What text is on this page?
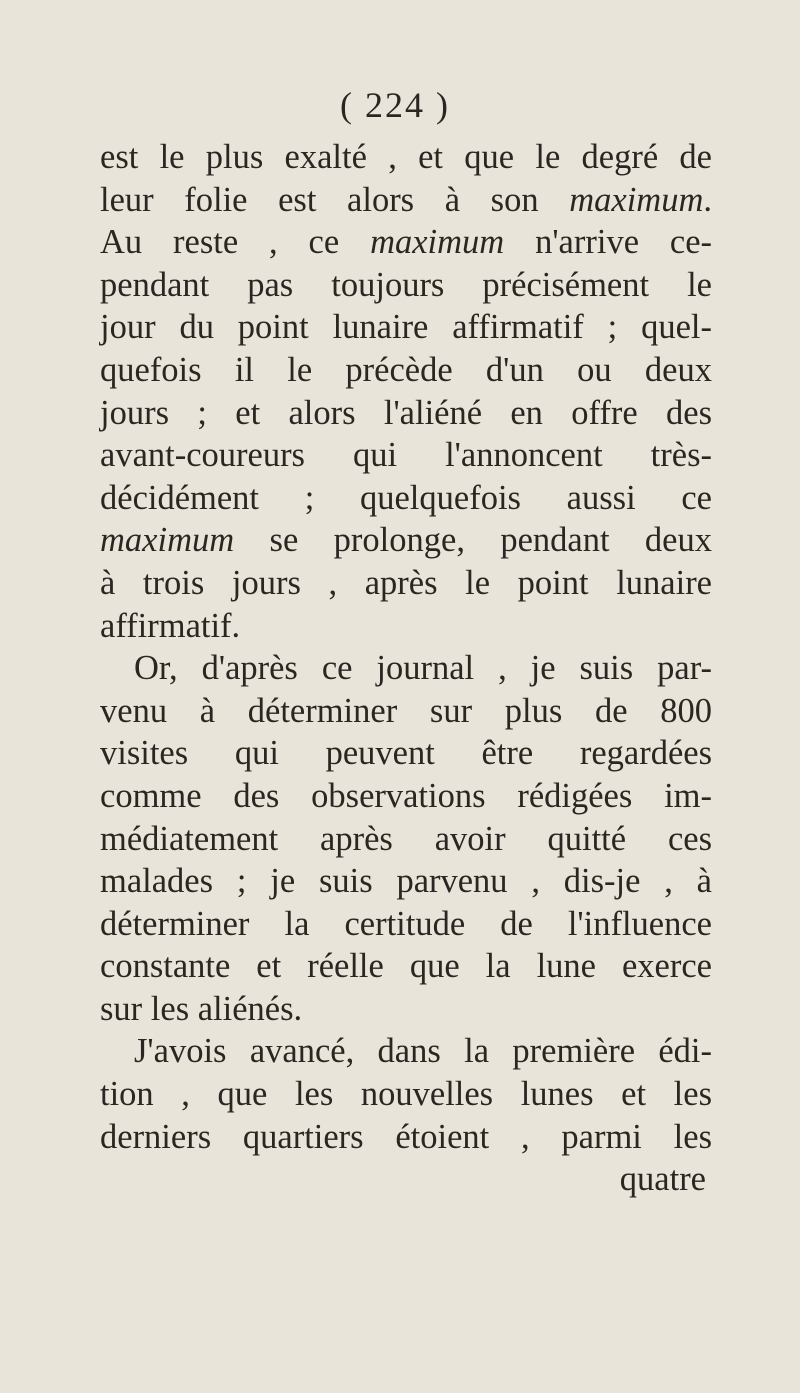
( 224 )
est le plus exalté , et que le degré de
leur folie est alors à son maximum.
Au reste , ce maximum n'arrive ce-
pendant pas toujours précisément le
jour du point lunaire affirmatif ; quel-
quefois il le précède d'un ou deux
jours ; et alors l'aliéné en offre des
avant-coureurs qui l'annoncent très-
décidément ; quelquefois aussi ce
maximum se prolonge, pendant deux
à trois jours , après le point lunaire
affirmatif.
Or, d'après ce journal , je suis par-
venu à déterminer sur plus de 800
visites qui peuvent être regardées
comme des observations rédigées im-
médiatement après avoir quitté ces
malades ; je suis parvenu , dis-je , à
déterminer la certitude de l'influence
constante et réelle que la lune exerce
sur les aliénés.
J'avois avancé, dans la première édi-
tion , que les nouvelles lunes et les
derniers quartiers étoient , parmi les
quatre
